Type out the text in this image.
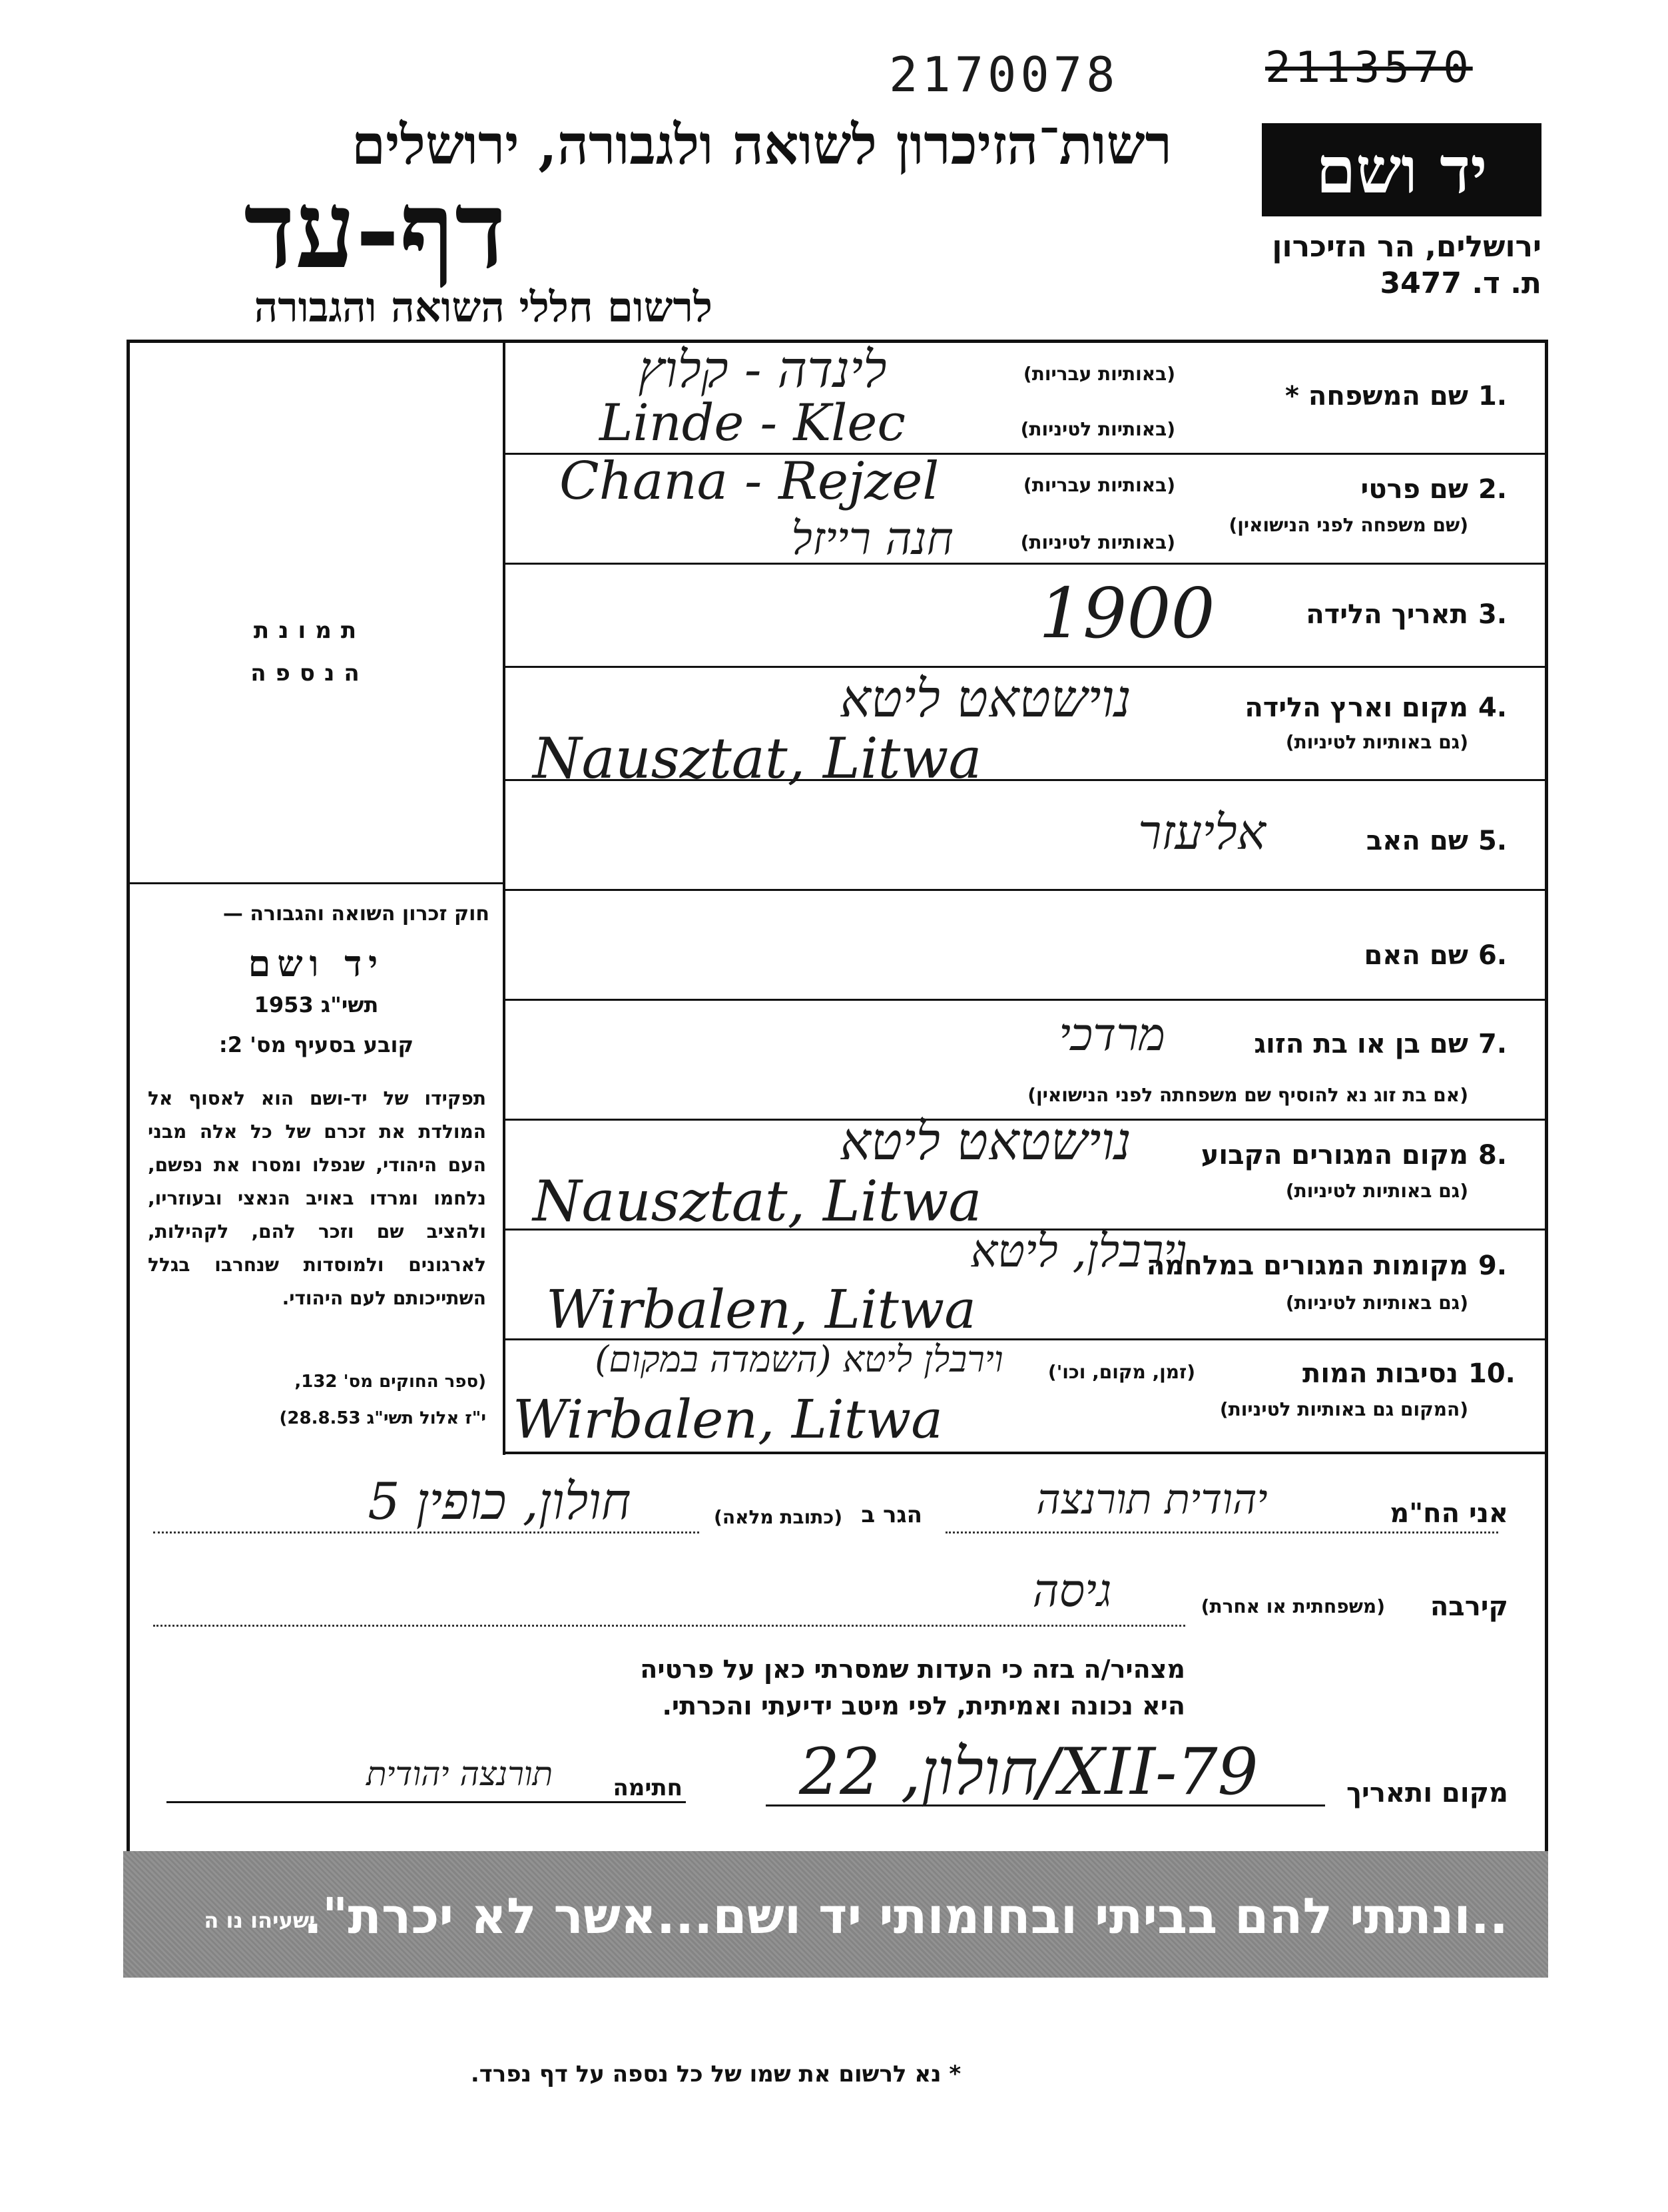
2170078	2113570
רשות־הזיכרון לשואה ולגבורה, ירושלים
דף-עד
לרשום חללי השואה והגבורה
יד ושם
ירושלים, הר הזיכרון
ת. ד. 3477
תמונת
הנספה
חוק זכרון השואה והגבורה —
יד ושם
תשי"ג 1953
קובע בסעיף מס' 2:
תפקידו של יד-ושם הוא לאסוף אל המולדת את זכרם של כל אלה מבני העם היהודי, שנפלו ומסרו את נפשם, נלחמו ומרדו באויב הנאצי ובעוזריו, ולהציב שם וזכר להם, לקהילות, לארגונים ולמוסדות שנחרבו בגלל השתייכותם לעם היהודי.
(ספר החוקים מס' 132,
י"ז אלול תשי"ג 28.8.53)
1.
שם המשפחה *
(באותיות עבריות)
(באותיות לטיניות)
לינדה - קלוץ
Linde - Klec
2.
שם פרטי
(שם משפחה לפני הנישואין)
(באותיות עבריות)
(באותיות לטיניות)
Chana - Rejzel
חנה רייזל
3.
תאריך הלידה
1900
4.
מקום וארץ הלידה
(גם באותיות לטיניות)
נוישטאט ליטא
Nausztat, Litwa
5.
שם האב
אליעזר
6.
שם האם
7.
שם בן או בת הזוג
(אם בת זוג נא להוסיף שם משפחתה לפני הנישואין)
מרדכי
8.
מקום המגורים הקבוע
(גם באותיות לטיניות)
נוישטאט ליטא
Nausztat, Litwa
9.
מקומות המגורים במלחמה
(גם באותיות לטיניות)
וירבלן, ליטא
Wirbalen, Litwa
10.
נסיבות המות
(זמן, מקום, וכו')
(המקום גם באותיות לטיניות)
וירבלן ליטא (השמדה במקום)
Wirbalen, Litwa
אני הח"מ
יהודית תורנצה
הגר ב
(כתובת מלאה)
חולון, כופין 5
קירבה
(משפחתית או אחרת)
גיסה
מצהיר/ה בזה כי העדות שמסרתי כאן על פרטיה
היא נכונה ואמיתית, לפי מיטב ידיעתי והכרתי.
מקום ותאריך
חולון, 22/XII-79
חתימה
תורנצה יהודית
..ונתתי להם בביתי ובחומותי יד ושם...אשר לא יכרת".
ישעיהו נו ה
* נא לרשום את שמו של כל נספה על דף נפרד.
